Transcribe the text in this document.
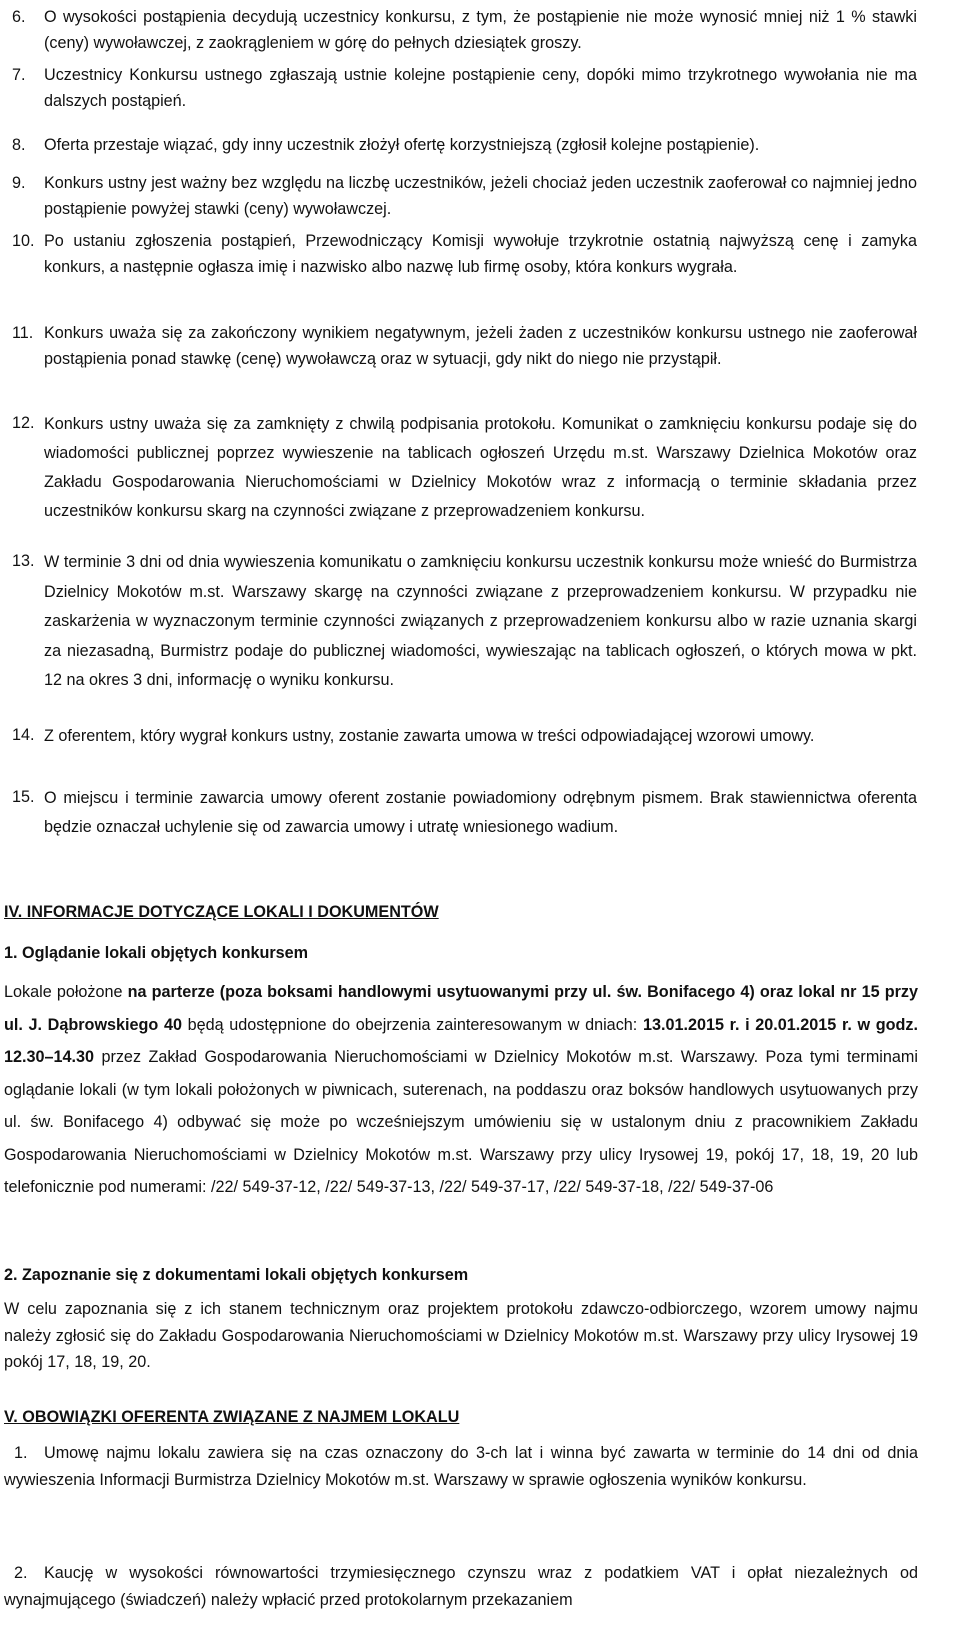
6. O wysokości postąpienia decydują uczestnicy konkursu, z tym, że postąpienie nie może wynosić mniej niż 1 % stawki (ceny) wywoławczej, z zaokrągleniem w górę do pełnych dziesiątek groszy.
7. Uczestnicy Konkursu ustnego zgłaszają ustnie kolejne postąpienie ceny, dopóki mimo trzykrotnego wywołania nie ma dalszych postąpień.
8. Oferta przestaje wiązać, gdy inny uczestnik złożył ofertę korzystniejszą (zgłosił kolejne postąpienie).
9. Konkurs ustny jest ważny bez względu na liczbę uczestników, jeżeli chociaż jeden uczestnik zaoferował co najmniej jedno postąpienie powyżej stawki (ceny) wywoławczej.
10. Po ustaniu zgłoszenia postąpień, Przewodniczący Komisji wywołuje trzykrotnie ostatnią najwyższą cenę i zamyka konkurs, a następnie ogłasza imię i nazwisko albo nazwę lub firmę osoby, która konkurs wygrała.
11. Konkurs uważa się za zakończony wynikiem negatywnym, jeżeli żaden z uczestników konkursu ustnego nie zaoferował postąpienia ponad stawkę (cenę) wywoławczą oraz w sytuacji, gdy nikt do niego nie przystąpił.
12. Konkurs ustny uważa się za zamknięty z chwilą podpisania protokołu. Komunikat o zamknięciu konkursu podaje się do wiadomości publicznej poprzez wywieszenie na tablicach ogłoszeń Urzędu m.st. Warszawy Dzielnica Mokotów oraz Zakładu Gospodarowania Nieruchomościami w Dzielnicy Mokotów wraz z informacją o terminie składania przez uczestników konkursu skarg na czynności związane z przeprowadzeniem konkursu.
13. W terminie 3 dni od dnia wywieszenia komunikatu o zamknięciu konkursu uczestnik konkursu może wnieść do Burmistrza Dzielnicy Mokotów m.st. Warszawy skargę na czynności związane z przeprowadzeniem konkursu. W przypadku nie zaskarżenia w wyznaczonym terminie czynności związanych z przeprowadzeniem konkursu albo w razie uznania skargi za niezasadną, Burmistrz podaje do publicznej wiadomości, wywieszając na tablicach ogłoszeń, o których mowa w pkt. 12 na okres 3 dni, informację o wyniku konkursu.
14. Z oferentem, który wygrał konkurs ustny, zostanie zawarta umowa w treści odpowiadającej wzorowi umowy.
15. O miejscu i terminie zawarcia umowy oferent zostanie powiadomiony odrębnym pismem. Brak stawiennictwa oferenta będzie oznaczał uchylenie się od zawarcia umowy i utratę wniesionego wadium.
IV. INFORMACJE DOTYCZĄCE LOKALI I DOKUMENTÓW
1. Oglądanie lokali objętych konkursem
Lokale położone na parterze (poza boksami handlowymi usytuowanymi przy ul. św. Bonifacego 4) oraz lokal nr 15 przy ul. J. Dąbrowskiego 40 będą udostępnione do obejrzenia zainteresowanym w dniach: 13.01.2015 r. i 20.01.2015 r. w godz. 12.30–14.30 przez Zakład Gospodarowania Nieruchomościami w Dzielnicy Mokotów m.st. Warszawy. Poza tymi terminami oglądanie lokali (w tym lokali położonych w piwnicach, suterenach, na poddaszu oraz boksów handlowych usytuowanych przy ul. św. Bonifacego 4) odbywać się może po wcześniejszym umówieniu się w ustalonym dniu z pracownikiem Zakładu Gospodarowania Nieruchomościami w Dzielnicy Mokotów m.st. Warszawy przy ulicy Irysowej 19, pokój 17, 18, 19, 20 lub telefonicznie pod numerami: /22/ 549-37-12, /22/ 549-37-13, /22/ 549-37-17, /22/ 549-37-18, /22/ 549-37-06
2. Zapoznanie się z dokumentami lokali objętych konkursem
W celu zapoznania się z ich stanem technicznym oraz projektem protokołu zdawczo-odbiorczego, wzorem umowy najmu należy zgłosić się do Zakładu Gospodarowania Nieruchomościami w Dzielnicy Mokotów m.st. Warszawy przy ulicy Irysowej 19 pokój 17, 18, 19, 20.
V. OBOWIĄZKI OFERENTA ZWIĄZANE Z NAJMEM LOKALU
1. Umowę najmu lokalu zawiera się na czas oznaczony do 3-ch lat i winna być zawarta w terminie do 14 dni od dnia wywieszenia Informacji Burmistrza Dzielnicy Mokotów m.st. Warszawy w sprawie ogłoszenia wyników konkursu.
2. Kaucję w wysokości równowartości trzymiesięcznego czynszu wraz z podatkiem VAT i opłat niezależnych od wynajmującego (świadczeń) należy wpłacić przed protokolarnym przekazaniem
